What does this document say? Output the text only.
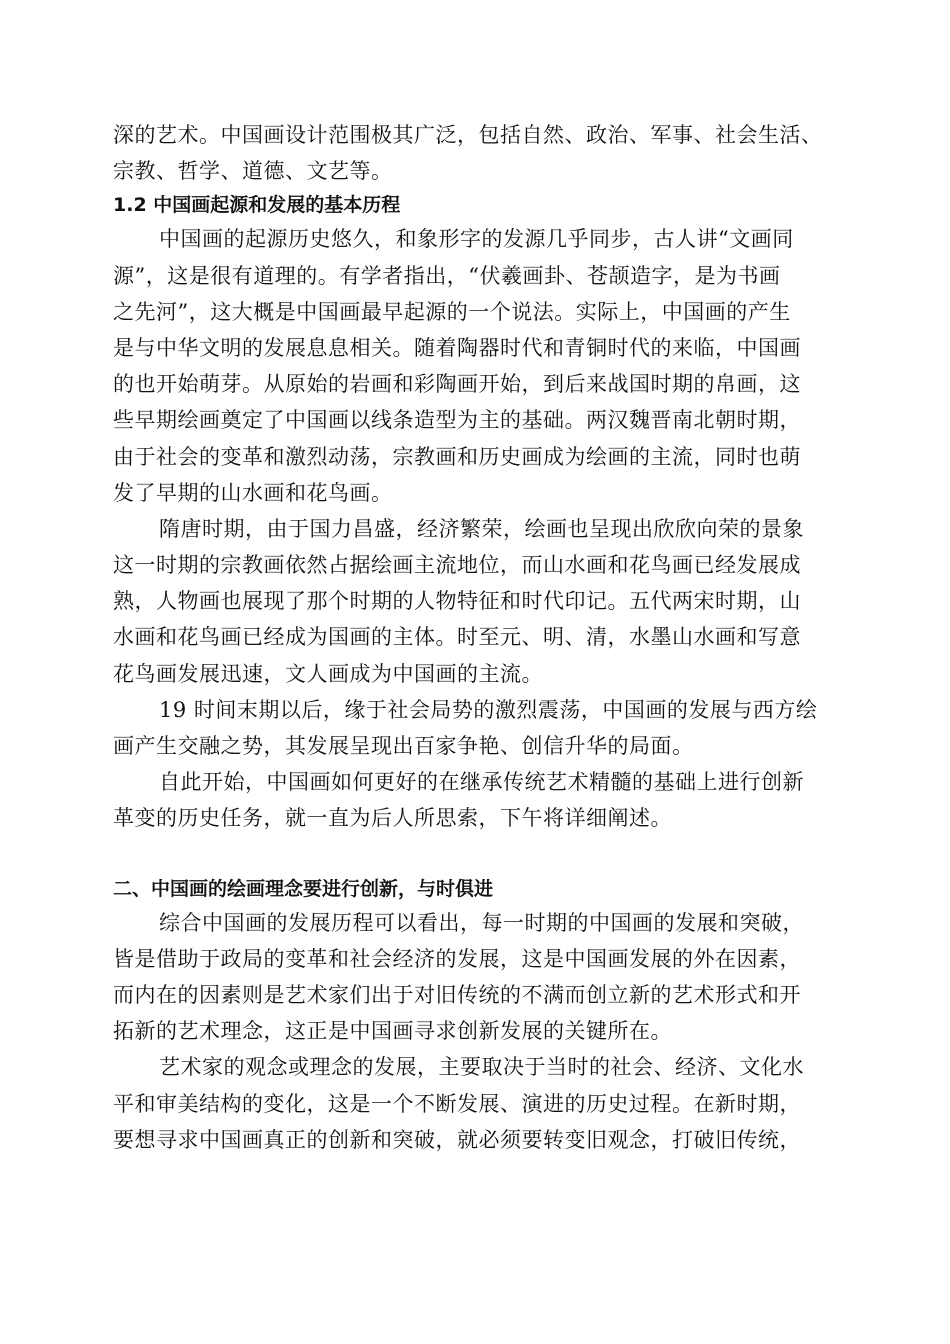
深的艺术。中国画设计范围极其广泛，包括自然、政治、军事、社会生活、
宗教、哲学、道德、文艺等。
1.2 中国画起源和发展的基本历程
中国画的起源历史悠久，和象形字的发源几乎同步，古人讲“文画同
源”，这是很有道理的。有学者指出，“伏羲画卦、苍颉造字，是为书画
之先河”，这大概是中国画最早起源的一个说法。实际上，中国画的产生
是与中华文明的发展息息相关。随着陶器时代和青铜时代的来临，中国画
的也开始萌芽。从原始的岩画和彩陶画开始，到后来战国时期的帛画，这
些早期绘画奠定了中国画以线条造型为主的基础。两汉魏晋南北朝时期，
由于社会的变革和激烈动荡，宗教画和历史画成为绘画的主流，同时也萌
发了早期的山水画和花鸟画。
隋唐时期，由于国力昌盛，经济繁荣，绘画也呈现出欣欣向荣的景象
这一时期的宗教画依然占据绘画主流地位，而山水画和花鸟画已经发展成
熟，人物画也展现了那个时期的人物特征和时代印记。五代两宋时期，山
水画和花鸟画已经成为国画的主体。时至元、明、清，水墨山水画和写意
花鸟画发展迅速，文人画成为中国画的主流。
19 时间末期以后，缘于社会局势的激烈震荡，中国画的发展与西方绘
画产生交融之势，其发展呈现出百家争艳、创信升华的局面。
自此开始，中国画如何更好的在继承传统艺术精髓的基础上进行创新
革变的历史任务，就一直为后人所思索，下午将详细阐述。
二、中国画的绘画理念要进行创新，与时俱进
综合中国画的发展历程可以看出，每一时期的中国画的发展和突破，
皆是借助于政局的变革和社会经济的发展，这是中国画发展的外在因素，
而内在的因素则是艺术家们出于对旧传统的不满而创立新的艺术形式和开
拓新的艺术理念，这正是中国画寻求创新发展的关键所在。
艺术家的观念或理念的发展，主要取决于当时的社会、经济、文化水
平和审美结构的变化，这是一个不断发展、演进的历史过程。在新时期，
要想寻求中国画真正的创新和突破，就必须要转变旧观念，打破旧传统，
